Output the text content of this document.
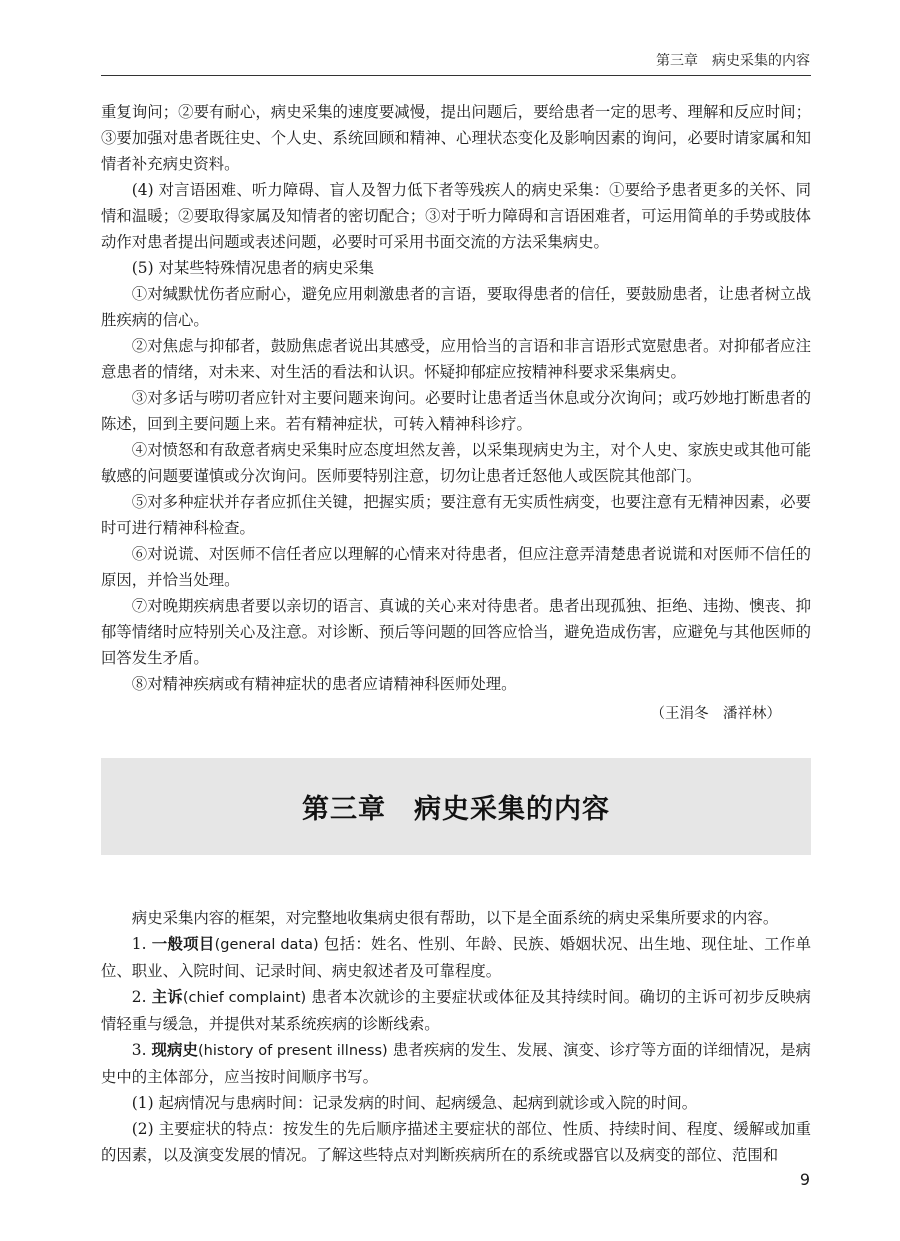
第三章　病史采集的内容

重复询问；②要有耐心，病史采集的速度要减慢，提出问题后，要给患者一定的思考、理解和反应时间；③要加强对患者既往史、个人史、系统回顾和精神、心理状态变化及影响因素的询问，必要时请家属和知情者补充病史资料。

(4) 对言语困难、听力障碍、盲人及智力低下者等残疾人的病史采集：①要给予患者更多的关怀、同情和温暖；②要取得家属及知情者的密切配合；③对于听力障碍和言语困难者，可运用简单的手势或肢体动作对患者提出问题或表述问题，必要时可采用书面交流的方法采集病史。

(5) 对某些特殊情况患者的病史采集

①对缄默忧伤者应耐心，避免应用刺激患者的言语，要取得患者的信任，要鼓励患者，让患者树立战胜疾病的信心。

②对焦虑与抑郁者，鼓励焦虑者说出其感受，应用恰当的言语和非言语形式宽慰患者。对抑郁者应注意患者的情绪，对未来、对生活的看法和认识。怀疑抑郁症应按精神科要求采集病史。

③对多话与唠叨者应针对主要问题来询问。必要时让患者适当休息或分次询问；或巧妙地打断患者的陈述，回到主要问题上来。若有精神症状，可转入精神科诊疗。

④对愤怒和有敌意者病史采集时应态度坦然友善，以采集现病史为主，对个人史、家族史或其他可能敏感的问题要谨慎或分次询问。医师要特别注意，切勿让患者迁怒他人或医院其他部门。

⑤对多种症状并存者应抓住关键，把握实质；要注意有无实质性病变，也要注意有无精神因素，必要时可进行精神科检查。

⑥对说谎、对医师不信任者应以理解的心情来对待患者，但应注意弄清楚患者说谎和对医师不信任的原因，并恰当处理。

⑦对晚期疾病患者要以亲切的语言、真诚的关心来对待患者。患者出现孤独、拒绝、违拗、懊丧、抑郁等情绪时应特别关心及注意。对诊断、预后等问题的回答应恰当，避免造成伤害，应避免与其他医师的回答发生矛盾。

⑧对精神疾病或有精神症状的患者应请精神科医师处理。

（王涓冬　潘祥林）

第三章　病史采集的内容

病史采集内容的框架，对完整地收集病史很有帮助，以下是全面系统的病史采集所要求的内容。

1. 一般项目(general data) 包括：姓名、性别、年龄、民族、婚姻状况、出生地、现住址、工作单位、职业、入院时间、记录时间、病史叙述者及可靠程度。

2. 主诉(chief complaint) 患者本次就诊的主要症状或体征及其持续时间。确切的主诉可初步反映病情轻重与缓急，并提供对某系统疾病的诊断线索。

3. 现病史(history of present illness) 患者疾病的发生、发展、演变、诊疗等方面的详细情况，是病史中的主体部分，应当按时间顺序书写。

(1) 起病情况与患病时间：记录发病的时间、起病缓急、起病到就诊或入院的时间。

(2) 主要症状的特点：按发生的先后顺序描述主要症状的部位、性质、持续时间、程度、缓解或加重的因素，以及演变发展的情况。了解这些特点对判断疾病所在的系统或器官以及病变的部位、范围和

9
